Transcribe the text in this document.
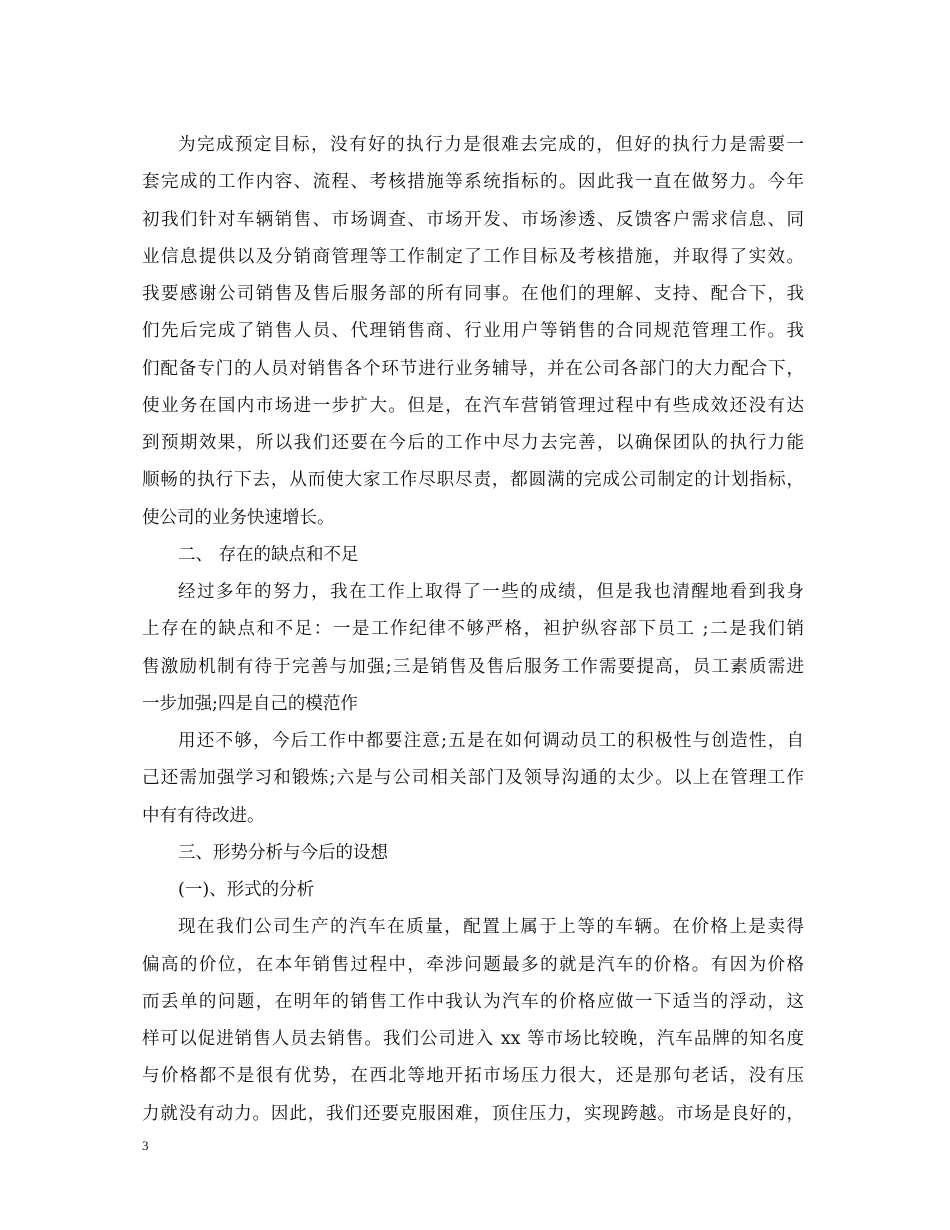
为完成预定目标，没有好的执行力是很难去完成的，但好的执行力是需要一
套完成的工作内容、流程、考核措施等系统指标的。因此我一直在做努力。今年
初我们针对车辆销售、市场调查、市场开发、市场渗透、反馈客户需求信息、同
业信息提供以及分销商管理等工作制定了工作目标及考核措施，并取得了实效。
我要感谢公司销售及售后服务部的所有同事。在他们的理解、支持、配合下，我
们先后完成了销售人员、代理销售商、行业用户等销售的合同规范管理工作。我
们配备专门的人员对销售各个环节进行业务辅导，并在公司各部门的大力配合下，
使业务在国内市场进一步扩大。但是，在汽车营销管理过程中有些成效还没有达
到预期效果，所以我们还要在今后的工作中尽力去完善，以确保团队的执行力能
顺畅的执行下去，从而使大家工作尽职尽责，都圆满的完成公司制定的计划指标，
使公司的业务快速增长。
二、 存在的缺点和不足
经过多年的努力，我在工作上取得了一些的成绩，但是我也清醒地看到我身
上存在的缺点和不足：一是工作纪律不够严格，袒护纵容部下员工 ;二是我们销
售激励机制有待于完善与加强;三是销售及售后服务工作需要提高，员工素质需进
一步加强;四是自己的模范作
用还不够，今后工作中都要注意;五是在如何调动员工的积极性与创造性，自
己还需加强学习和锻炼;六是与公司相关部门及领导沟通的太少。以上在管理工作
中有有待改进。
三、形势分析与今后的设想
(一)、形式的分析
现在我们公司生产的汽车在质量，配置上属于上等的车辆。在价格上是卖得
偏高的价位，在本年销售过程中，牵涉问题最多的就是汽车的价格。有因为价格
而丢单的问题，在明年的销售工作中我认为汽车的价格应做一下适当的浮动，这
样可以促进销售人员去销售。我们公司进入 xx 等市场比较晚，汽车品牌的知名度
与价格都不是很有优势，在西北等地开拓市场压力很大，还是那句老话，没有压
力就没有动力。因此，我们还要克服困难，顶住压力，实现跨越。市场是良好的，
3
